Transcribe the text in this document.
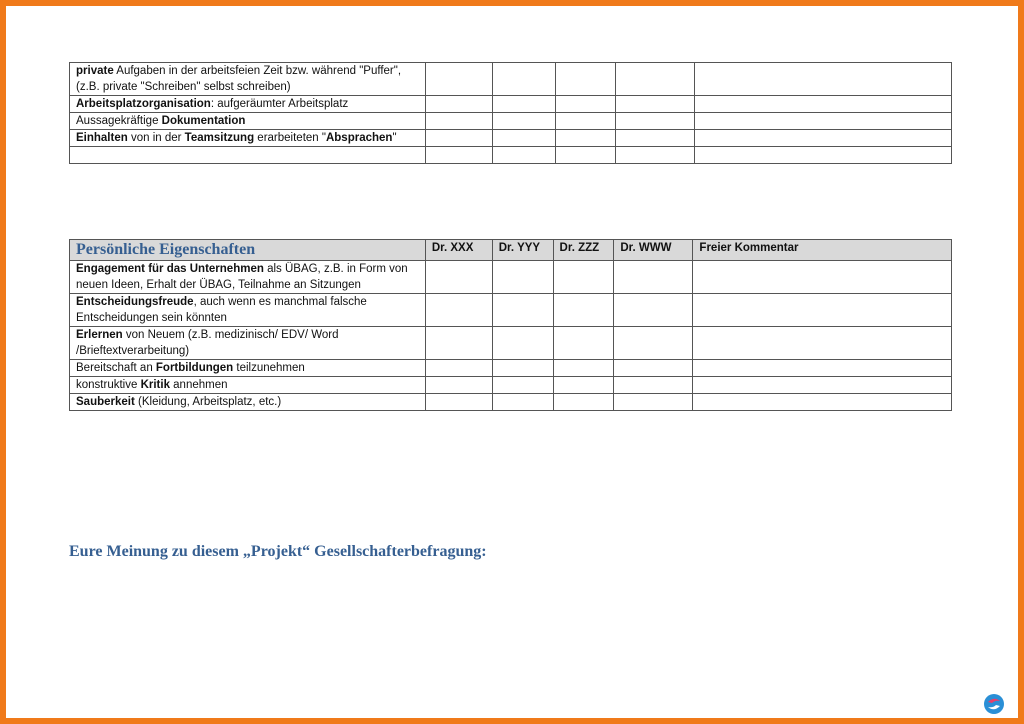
private Aufgaben in der arbeitsfeien Zeit bzw. während "Puffer", (z.B. private "Schreiben" selbst schreiben)					
Arbeitsplatzorganisation: aufgeräumter Arbeitsplatz					
Aussagekräftige Dokumentation					
Einhalten von in der Teamsitzung erarbeiteten "Absprachen"					

Persönliche Eigenschaften	Dr. XXX	Dr. YYY	Dr. ZZZ	Dr. WWW	Freier Kommentar
Engagement für das Unternehmen als ÜBAG, z.B. in Form von neuen Ideen, Erhalt der ÜBAG, Teilnahme an Sitzungen					
Entscheidungsfreude, auch wenn es manchmal falsche Entscheidungen sein könnten					
Erlernen von Neuem (z.B. medizinisch/ EDV/ Word /Brieftextverarbeitung)					
Bereitschaft an Fortbildungen teilzunehmen					
konstruktive Kritik annehmen					
Sauberkeit (Kleidung, Arbeitsplatz, etc.)					
Eure Meinung zu diesem „Projekt“ Gesellschafterbefragung:
